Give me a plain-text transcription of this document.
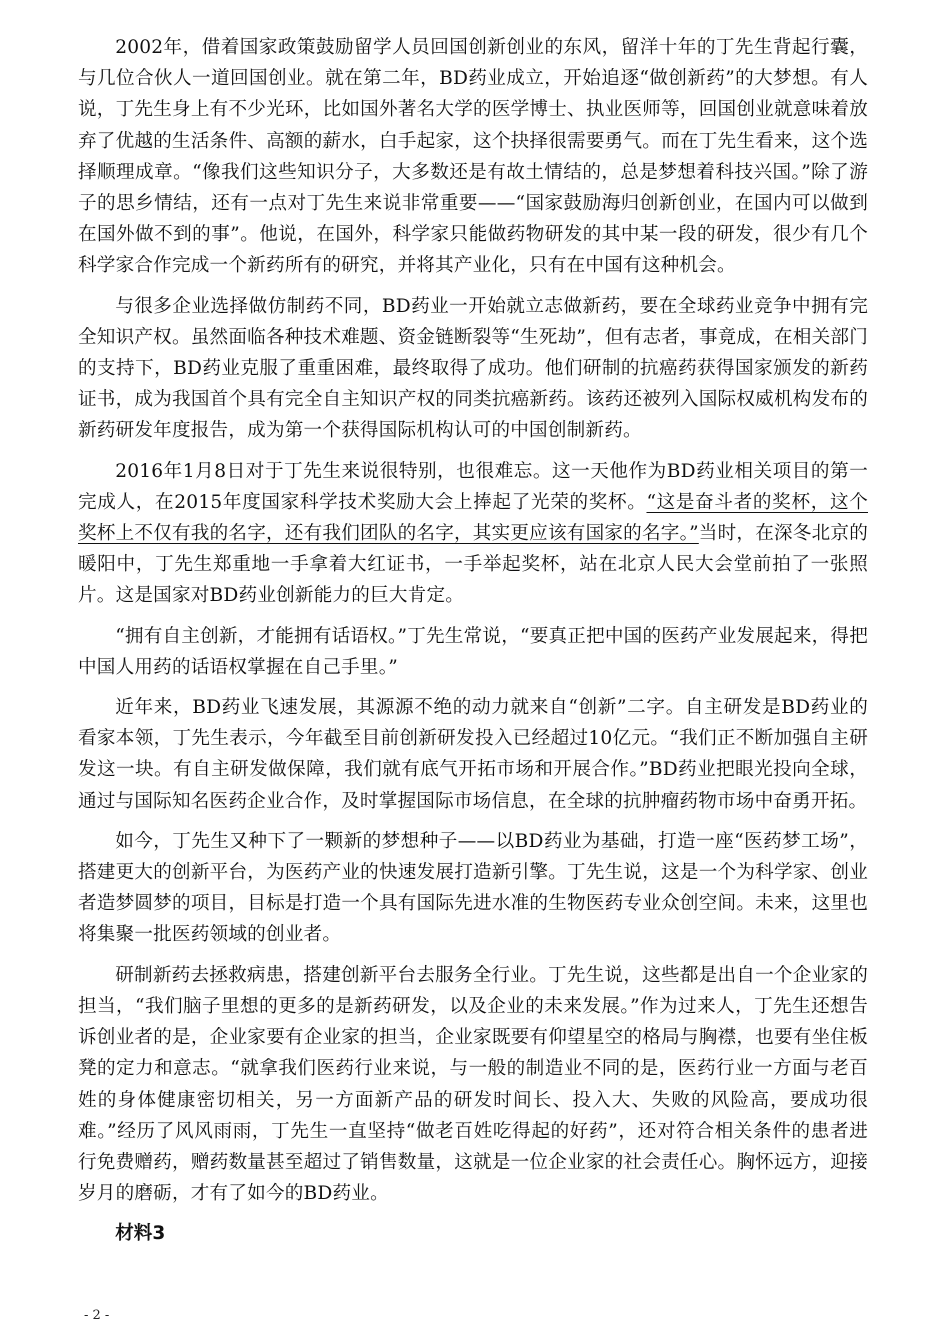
2002年，借着国家政策鼓励留学人员回国创新创业的东风，留洋十年的丁先生背起行囊，与几位合伙人一道回国创业。就在第二年，BD药业成立，开始追逐“做创新药”的大梦想。有人说，丁先生身上有不少光环，比如国外著名大学的医学博士、执业医师等，回国创业就意味着放弃了优越的生活条件、高额的薪水，白手起家，这个抉择很需要勇气。而在丁先生看来，这个选择顺理成章。“像我们这些知识分子，大多数还是有故土情结的，总是梦想着科技兴国。”除了游子的思乡情结，还有一点对丁先生来说非常重要——“国家鼓励海归创新创业，在国内可以做到在国外做不到的事”。他说，在国外，科学家只能做药物研发的其中某一段的研发，很少有几个科学家合作完成一个新药所有的研究，并将其产业化，只有在中国有这种机会。

与很多企业选择做仿制药不同，BD药业一开始就立志做新药，要在全球药业竞争中拥有完全知识产权。虽然面临各种技术难题、资金链断裂等“生死劫”，但有志者，事竟成，在相关部门的支持下，BD药业克服了重重困难，最终取得了成功。他们研制的抗癌药获得国家颁发的新药证书，成为我国首个具有完全自主知识产权的同类抗癌新药。该药还被列入国际权威机构发布的新药研发年度报告，成为第一个获得国际机构认可的中国创制新药。

2016年1月8日对于丁先生来说很特别，也很难忘。这一天他作为BD药业相关项目的第一完成人，在2015年度国家科学技术奖励大会上捧起了光荣的奖杯。“这是奋斗者的奖杯，这个奖杯上不仅有我的名字，还有我们团队的名字，其实更应该有国家的名字。”当时，在深冬北京的暖阳中，丁先生郑重地一手拿着大红证书，一手举起奖杯，站在北京人民大会堂前拍了一张照片。这是国家对BD药业创新能力的巨大肯定。

“拥有自主创新，才能拥有话语权。”丁先生常说，“要真正把中国的医药产业发展起来，得把中国人用药的话语权掌握在自己手里。”

近年来，BD药业飞速发展，其源源不绝的动力就来自“创新”二字。自主研发是BD药业的看家本领，丁先生表示，今年截至目前创新研发投入已经超过10亿元。“我们正不断加强自主研发这一块。有自主研发做保障，我们就有底气开拓市场和开展合作。”BD药业把眼光投向全球，通过与国际知名医药企业合作，及时掌握国际市场信息，在全球的抗肿瘤药物市场中奋勇开拓。

如今，丁先生又种下了一颗新的梦想种子——以BD药业为基础，打造一座“医药梦工场”，搭建更大的创新平台，为医药产业的快速发展打造新引擎。丁先生说，这是一个为科学家、创业者造梦圆梦的项目，目标是打造一个具有国际先进水准的生物医药专业众创空间。未来，这里也将集聚一批医药领域的创业者。

研制新药去拯救病患，搭建创新平台去服务全行业。丁先生说，这些都是出自一个企业家的担当，“我们脑子里想的更多的是新药研发，以及企业的未来发展。”作为过来人，丁先生还想告诉创业者的是，企业家要有企业家的担当，企业家既要有仰望星空的格局与胸襟，也要有坐住板凳的定力和意志。“就拿我们医药行业来说，与一般的制造业不同的是，医药行业一方面与老百姓的身体健康密切相关，另一方面新产品的研发时间长、投入大、失败的风险高，要成功很难。”经历了风风雨雨，丁先生一直坚持“做老百姓吃得起的好药”，还对符合相关条件的患者进行免费赠药，赠药数量甚至超过了销售数量，这就是一位企业家的社会责任心。胸怀远方，迎接岁月的磨砺，才有了如今的BD药业。

材料3

- 2 -
